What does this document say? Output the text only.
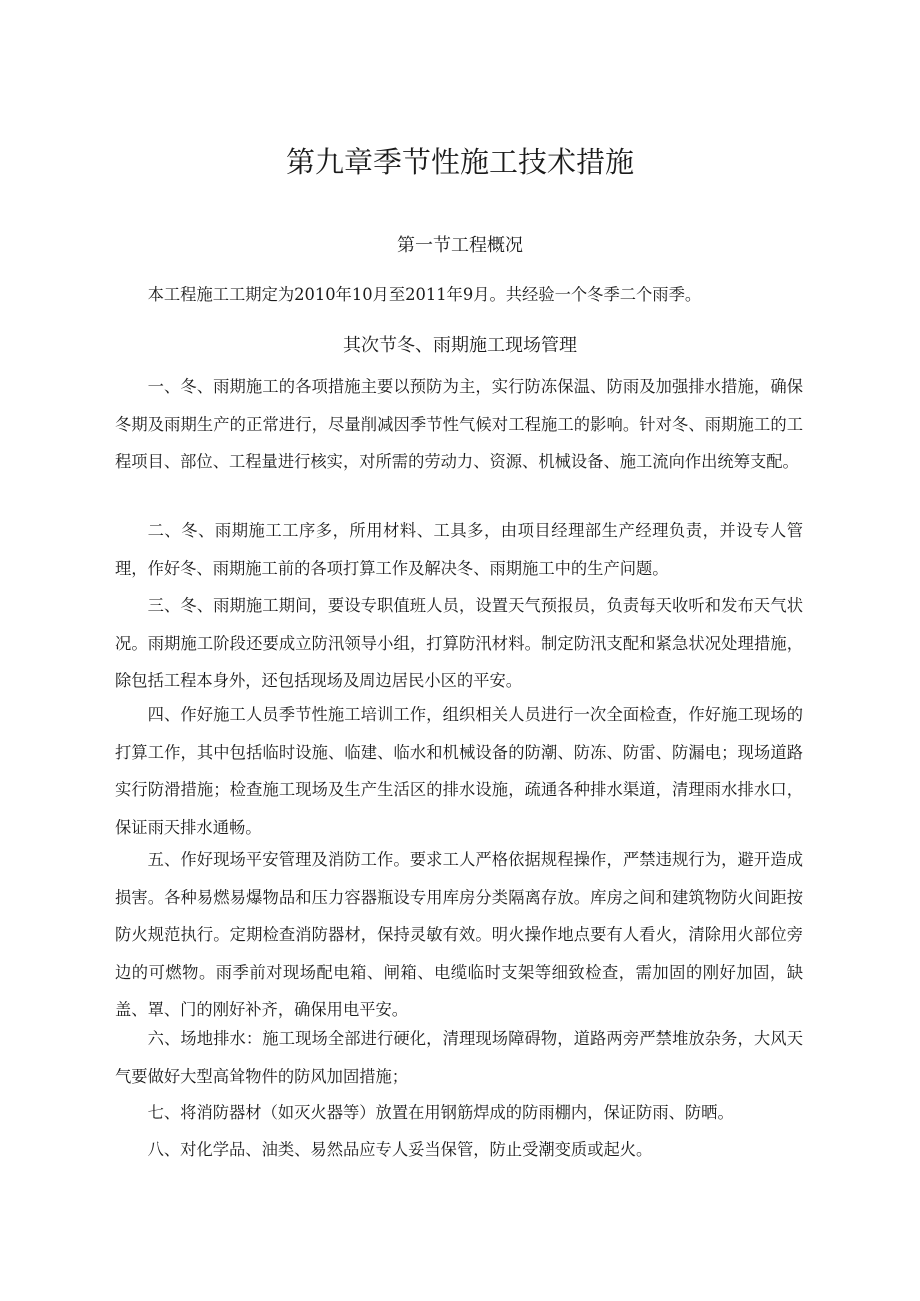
第九章季节性施工技术措施
第一节工程概况

本工程施工工期定为2010年10月至2011年9月。共经验一个冬季二个雨季。

其次节冬、雨期施工现场管理

一、冬、雨期施工的各项措施主要以预防为主，实行防冻保温、防雨及加强排水措施，确保冬期及雨期生产的正常进行，尽量削减因季节性气候对工程施工的影响。针对冬、雨期施工的工程项目、部位、工程量进行核实，对所需的劳动力、资源、机械设备、施工流向作出统筹支配。

二、冬、雨期施工工序多，所用材料、工具多，由项目经理部生产经理负责，并设专人管理，作好冬、雨期施工前的各项打算工作及解决冬、雨期施工中的生产问题。

三、冬、雨期施工期间，要设专职值班人员，设置天气预报员，负责每天收听和发布天气状况。雨期施工阶段还要成立防汛领导小组，打算防汛材料。制定防汛支配和紧急状况处理措施，除包括工程本身外，还包括现场及周边居民小区的平安。

四、作好施工人员季节性施工培训工作，组织相关人员进行一次全面检查，作好施工现场的打算工作，其中包括临时设施、临建、临水和机械设备的防潮、防冻、防雷、防漏电；现场道路实行防滑措施；检查施工现场及生产生活区的排水设施，疏通各种排水渠道，清理雨水排水口，保证雨天排水通畅。

五、作好现场平安管理及消防工作。要求工人严格依据规程操作，严禁违规行为，避开造成损害。各种易燃易爆物品和压力容器瓶设专用库房分类隔离存放。库房之间和建筑物防火间距按防火规范执行。定期检查消防器材，保持灵敏有效。明火操作地点要有人看火，清除用火部位旁边的可燃物。雨季前对现场配电箱、闸箱、电缆临时支架等细致检查，需加固的刚好加固，缺盖、罩、门的刚好补齐，确保用电平安。

六、场地排水：施工现场全部进行硬化，清理现场障碍物，道路两旁严禁堆放杂务，大风天气要做好大型高耸物件的防风加固措施；

七、将消防器材（如灭火器等）放置在用钢筋焊成的防雨棚内，保证防雨、防晒。

八、对化学品、油类、易然品应专人妥当保管，防止受潮变质或起火。
